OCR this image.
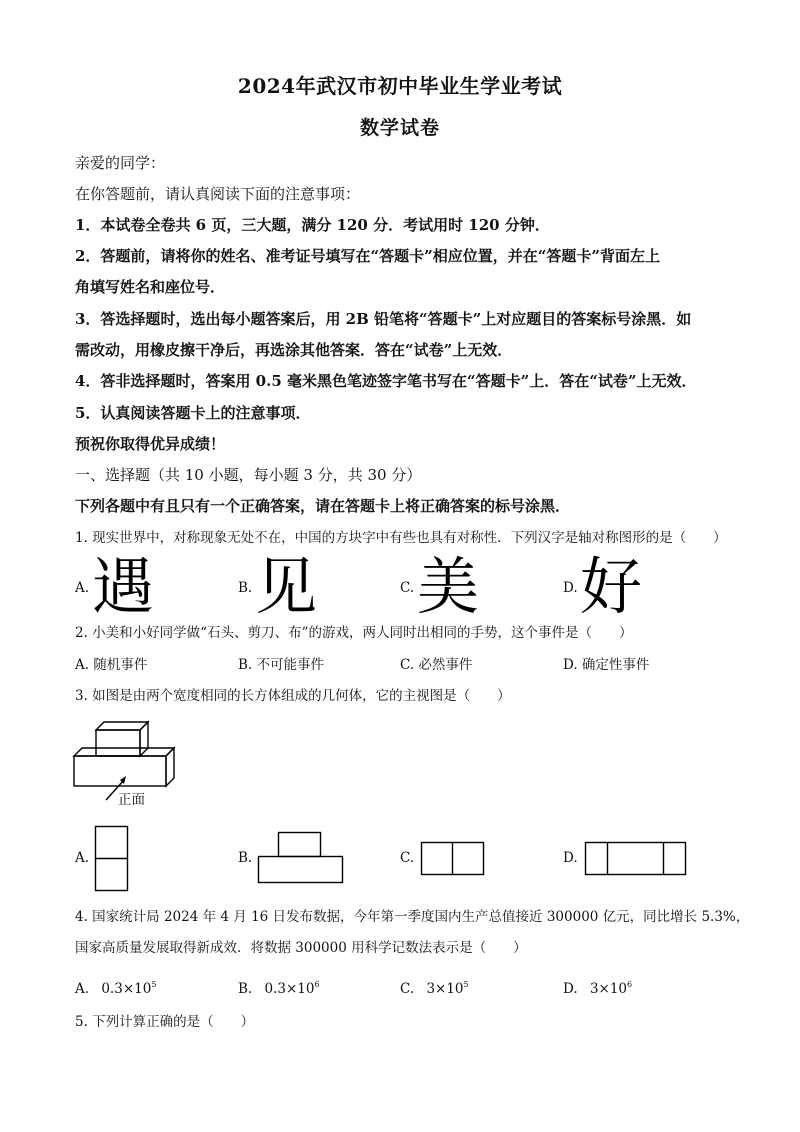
2024年武汉市初中毕业生学业考试
数学试卷
亲爱的同学：
在你答题前，请认真阅读下面的注意事项：
1．本试卷全卷共 6 页，三大题，满分 120 分．考试用时 120 分钟．
2．答题前，请将你的姓名、准考证号填写在“答题卡”相应位置，并在“答题卡”背面左上
角填写姓名和座位号．
3．答选择题时，选出每小题答案后，用 2B 铅笔将“答题卡”上对应题目的答案标号涂黑．如
需改动，用橡皮擦干净后，再选涂其他答案．答在“试卷”上无效．
4．答非选择题时，答案用 0.5 毫米黑色笔迹签字笔书写在“答题卡”上．答在“试卷”上无效．
5．认真阅读答题卡上的注意事项．
预祝你取得优异成绩！
一、选择题（共 10 小题，每小题 3 分，共 30 分）
下列各题中有且只有一个正确答案，请在答题卡上将正确答案的标号涂黑．
1. 现实世界中，对称现象无处不在，中国的方块字中有些也具有对称性．下列汉字是轴对称图形的是（　　）
A. 遇	B. 见	C. 美	D. 好
2. 小美和小好同学做“石头、剪刀、布”的游戏，两人同时出相同的手势，这个事件是（　　）
A. 随机事件	B. 不可能事件	C. 必然事件	D. 确定性事件
3. 如图是由两个宽度相同的长方体组成的几何体，它的主视图是（　　）
正面
A.	B.	C.	D.
4. 国家统计局 2024 年 4 月 16 日发布数据，今年第一季度国内生产总值接近 300000 亿元，同比增长 5.3%，
国家高质量发展取得新成效．将数据 300000 用科学记数法表示是（　　）
A. $0.3\times 10^5$	B. $0.3\times 10^6$	C. $3\times 10^5$	D. $3\times 10^6$
5. 下列计算正确的是（　　）
